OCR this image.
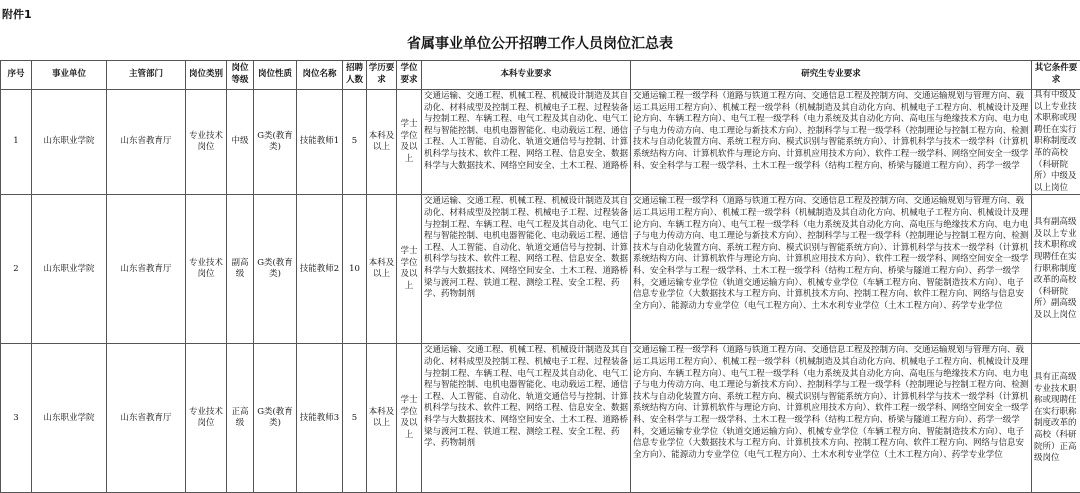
附件1
省属事业单位公开招聘工作人员岗位汇总表
序号	事业单位	主管部门	岗位类别	岗位等级	岗位性质	岗位名称	招聘人数	学历要求	学位要求	本科专业要求	研究生专业要求	其它条件要求
1	山东职业学院	山东省教育厅	专业技术岗位	中级	G类(教育类)	技能教师1	5	本科及以上	学士学位及以上	交通运输、交通工程、机械工程、机械设计制造及其自动化、材料成型及控制工程、机械电子工程、过程装备与控制工程、车辆工程、电气工程及其自动化、电气工程与智能控制、电机电器智能化、电动载运工程、通信工程、人工智能、自动化、轨道交通信号与控制、计算机科学与技术、软件工程、网络工程、信息安全、数据科学与大数据技术、网络空间安全、土木工程、道路桥	交通运输工程一级学科（道路与铁道工程方向、交通信息工程及控制方向、交通运输规划与管理方向、载运工具运用工程方向）、机械工程一级学科（机械制造及其自动化方向、机械电子工程方向、机械设计及理论方向、车辆工程方向）、电气工程一级学科（电力系统及其自动化方向、高电压与绝缘技术方向、电力电子与电力传动方向、电工理论与新技术方向）、控制科学与工程一级学科（控制理论与控制工程方向、检测技术与自动化装置方向、系统工程方向、模式识别与智能系统方向）、计算机科学与技术一级学科（计算机系统结构方向、计算机软件与理论方向、计算机应用技术方向）、软件工程一级学科、网络空间安全一级学科、安全科学与工程一级学科、土木工程一级学科（结构工程方向、桥梁与隧道工程方向）、药学一级学	具有中级及以上专业技术职称或现聘任在实行职称制度改革的高校（科研院所）中级及以上岗位
2	山东职业学院	山东省教育厅	专业技术岗位	副高级	G类(教育类)	技能教师2	10	本科及以上	学士学位及以上	交通运输、交通工程、机械工程、机械设计制造及其自动化、材料成型及控制工程、机械电子工程、过程装备与控制工程、车辆工程、电气工程及其自动化、电气工程与智能控制、电机电器智能化、电动载运工程、通信工程、人工智能、自动化、轨道交通信号与控制、计算机科学与技术、软件工程、网络工程、信息安全、数据科学与大数据技术、网络空间安全、土木工程、道路桥梁与渡河工程、铁道工程、测绘工程、安全工程、药学、药物制剂	交通运输工程一级学科（道路与铁道工程方向、交通信息工程及控制方向、交通运输规划与管理方向、载运工具运用工程方向）、机械工程一级学科（机械制造及其自动化方向、机械电子工程方向、机械设计及理论方向、车辆工程方向）、电气工程一级学科（电力系统及其自动化方向、高电压与绝缘技术方向、电力电子与电力传动方向、电工理论与新技术方向）、控制科学与工程一级学科（控制理论与控制工程方向、检测技术与自动化装置方向、系统工程方向、模式识别与智能系统方向）、计算机科学与技术一级学科（计算机系统结构方向、计算机软件与理论方向、计算机应用技术方向）、软件工程一级学科、网络空间安全一级学科、安全科学与工程一级学科、土木工程一级学科（结构工程方向、桥梁与隧道工程方向）、药学一级学科，交通运输专业学位（轨道交通运输方向）、机械专业学位（车辆工程方向、智能制造技术方向）、电子信息专业学位（大数据技术与工程方向、计算机技术方向、控制工程方向、软件工程方向、网络与信息安全方向）、能源动力专业学位（电气工程方向）、土木水利专业学位（土木工程方向）、药学专业学位	具有副高级及以上专业技术职称或现聘任在实行职称制度改革的高校（科研院所）副高级及以上岗位
3	山东职业学院	山东省教育厅	专业技术岗位	正高级	G类(教育类)	技能教师3	5	本科及以上	学士学位及以上	交通运输、交通工程、机械工程、机械设计制造及其自动化、材料成型及控制工程、机械电子工程、过程装备与控制工程、车辆工程、电气工程及其自动化、电气工程与智能控制、电机电器智能化、电动载运工程、通信工程、人工智能、自动化、轨道交通信号与控制、计算机科学与技术、软件工程、网络工程、信息安全、数据科学与大数据技术、网络空间安全、土木工程、道路桥梁与渡河工程、铁道工程、测绘工程、安全工程、药学、药物制剂	交通运输工程一级学科（道路与铁道工程方向、交通信息工程及控制方向、交通运输规划与管理方向、载运工具运用工程方向）、机械工程一级学科（机械制造及其自动化方向、机械电子工程方向、机械设计及理论方向、车辆工程方向）、电气工程一级学科（电力系统及其自动化方向、高电压与绝缘技术方向、电力电子与电力传动方向、电工理论与新技术方向）、控制科学与工程一级学科（控制理论与控制工程方向、检测技术与自动化装置方向、系统工程方向、模式识别与智能系统方向）、计算机科学与技术一级学科（计算机系统结构方向、计算机软件与理论方向、计算机应用技术方向）、软件工程一级学科、网络空间安全一级学科、安全科学与工程一级学科、土木工程一级学科（结构工程方向、桥梁与隧道工程方向）、药学一级学科，交通运输专业学位（轨道交通运输方向）、机械专业学位（车辆工程方向、智能制造技术方向）、电子信息专业学位（大数据技术与工程方向、计算机技术方向、控制工程方向、软件工程方向、网络与信息安全方向）、能源动力专业学位（电气工程方向）、土木水利专业学位（土木工程方向）、药学专业学位	具有正高级专业技术职称或现聘任在实行职称制度改革的高校（科研院所）正高级岗位
